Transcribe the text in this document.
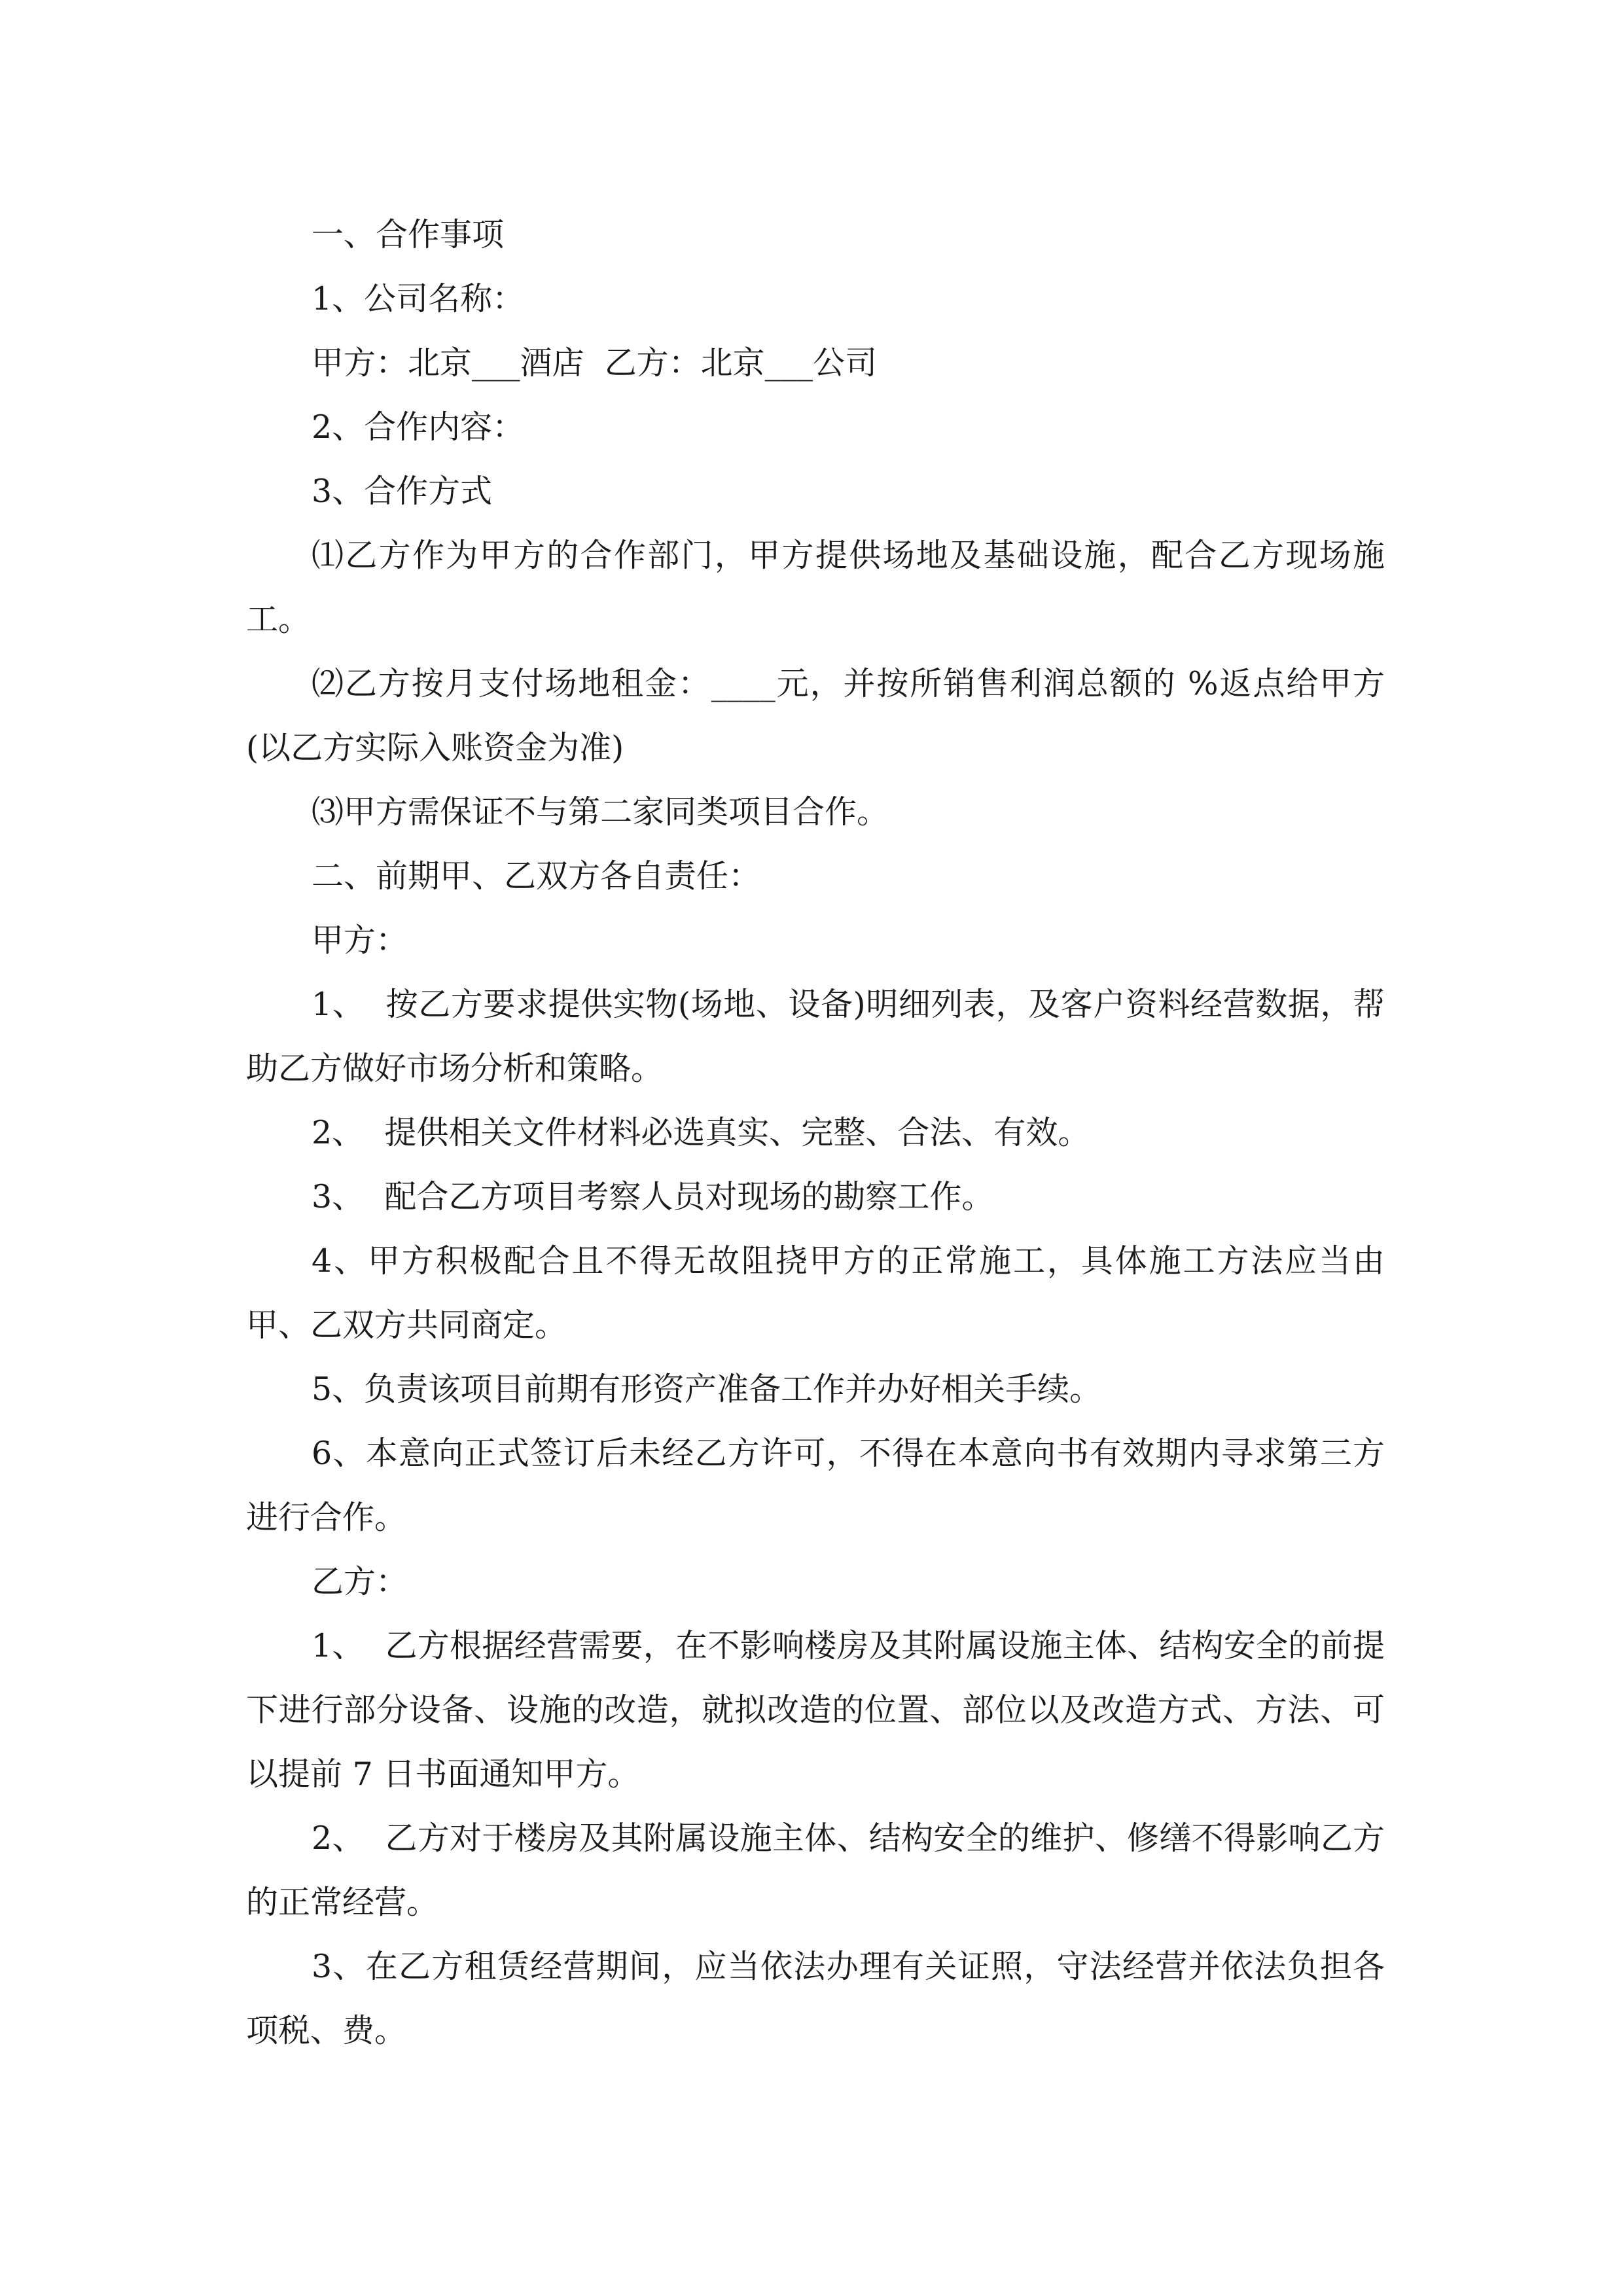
一、合作事项

1、公司名称：

甲方：北京___酒店  乙方：北京___公司

2、合作内容：

3、合作方式

⑴乙方作为甲方的合作部门，甲方提供场地及基础设施，配合乙方现场施工。

⑵乙方按月支付场地租金：____元，并按所销售利润总额的 %返点给甲方(以乙方实际入账资金为准)

⑶甲方需保证不与第二家同类项目合作。

二、前期甲、乙双方各自责任：

甲方：

1、  按乙方要求提供实物(场地、设备)明细列表，及客户资料经营数据，帮助乙方做好市场分析和策略。

2、  提供相关文件材料必选真实、完整、合法、有效。

3、  配合乙方项目考察人员对现场的勘察工作。

4、甲方积极配合且不得无故阻挠甲方的正常施工，具体施工方法应当由甲、乙双方共同商定。

5、负责该项目前期有形资产准备工作并办好相关手续。

6、本意向正式签订后未经乙方许可，不得在本意向书有效期内寻求第三方进行合作。

乙方：

1、  乙方根据经营需要，在不影响楼房及其附属设施主体、结构安全的前提下进行部分设备、设施的改造，就拟改造的位置、部位以及改造方式、方法、可以提前 7 日书面通知甲方。

2、  乙方对于楼房及其附属设施主体、结构安全的维护、修缮不得影响乙方的正常经营。

3、在乙方租赁经营期间，应当依法办理有关证照，守法经营并依法负担各项税、费。
